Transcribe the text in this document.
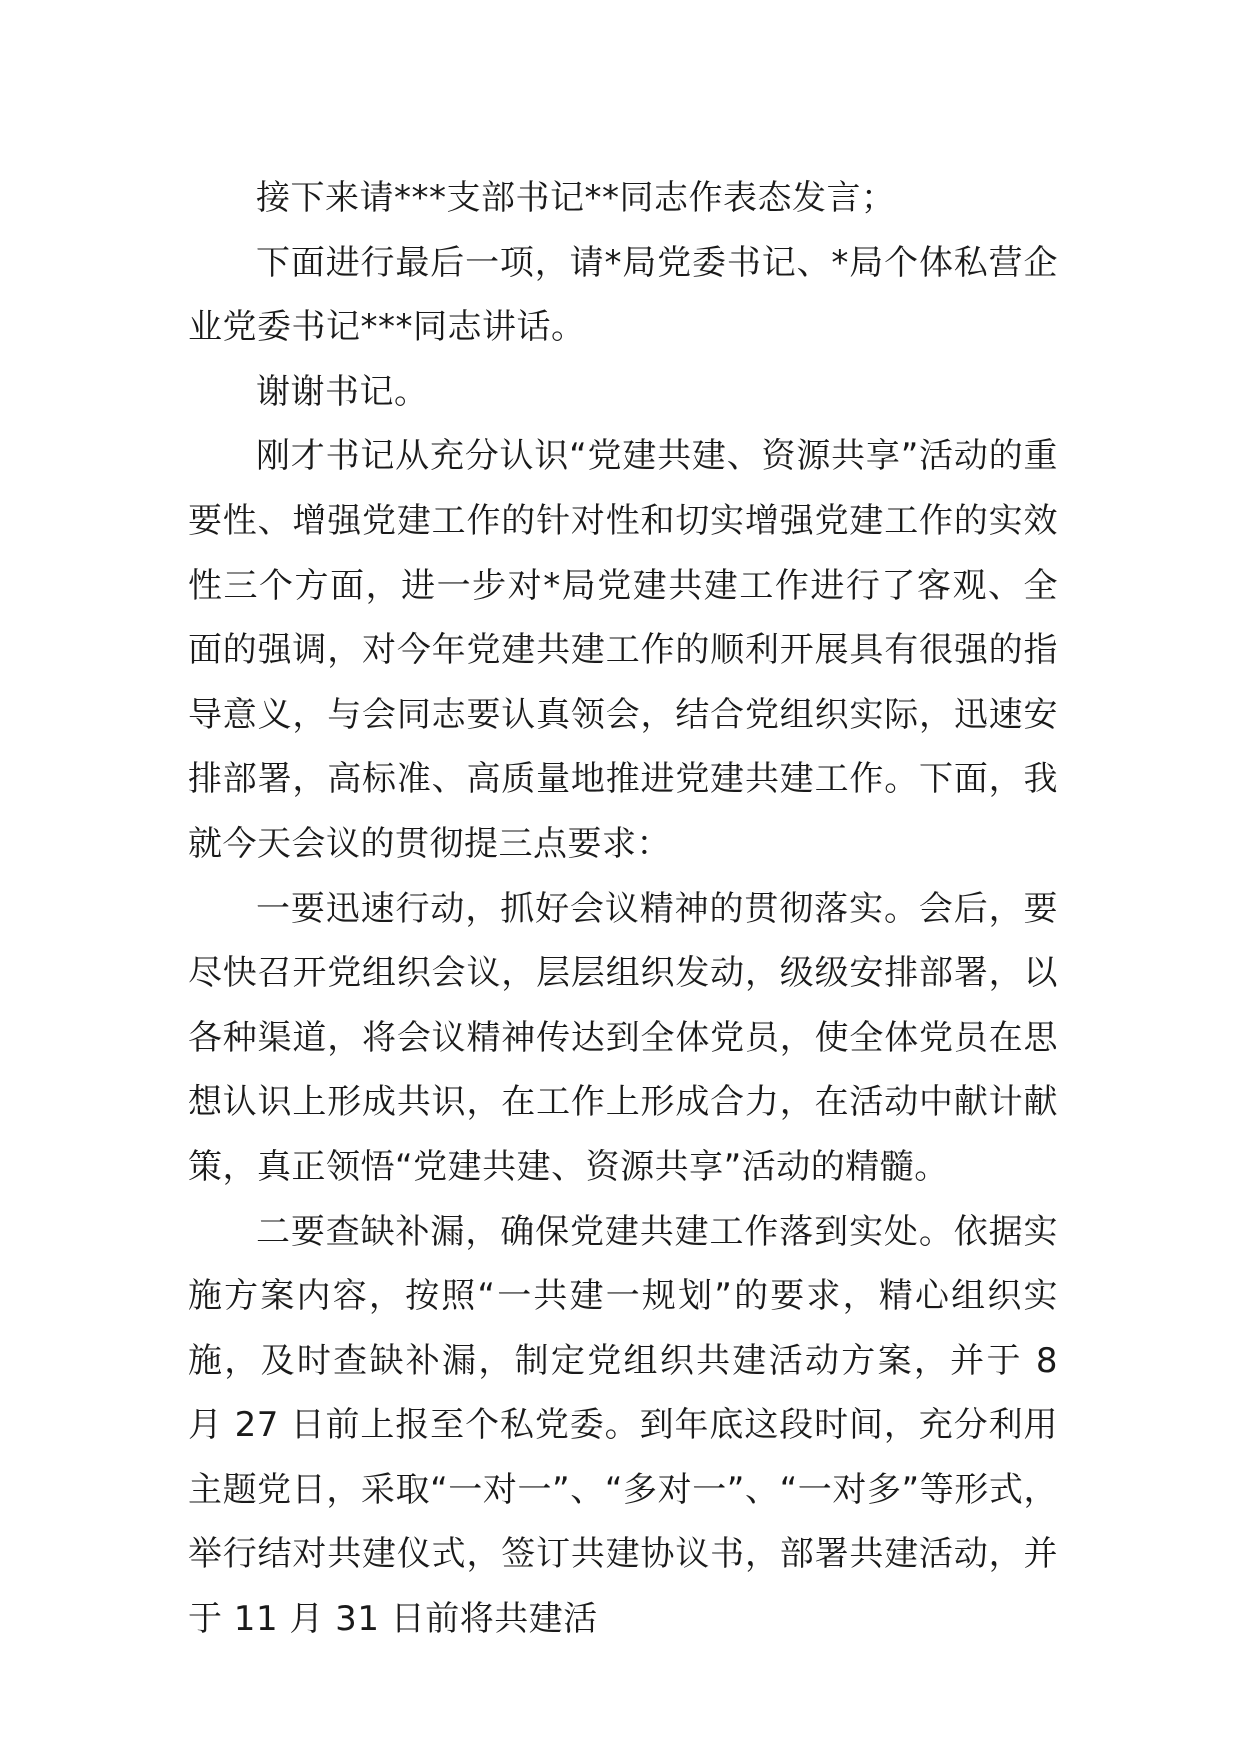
接下来请***支部书记**同志作表态发言；

下面进行最后一项，请*局党委书记、*局个体私营企业党委书记***同志讲话。

谢谢书记。

刚才书记从充分认识“党建共建、资源共享”活动的重要性、增强党建工作的针对性和切实增强党建工作的实效性三个方面，进一步对*局党建共建工作进行了客观、全面的强调，对今年党建共建工作的顺利开展具有很强的指导意义，与会同志要认真领会，结合党组织实际，迅速安排部署，高标准、高质量地推进党建共建工作。下面，我就今天会议的贯彻提三点要求：

一要迅速行动，抓好会议精神的贯彻落实。会后，要尽快召开党组织会议，层层组织发动，级级安排部署，以各种渠道，将会议精神传达到全体党员，使全体党员在思想认识上形成共识，在工作上形成合力，在活动中献计献策，真正领悟“党建共建、资源共享”活动的精髓。

二要查缺补漏，确保党建共建工作落到实处。依据实施方案内容，按照“一共建一规划”的要求，精心组织实施，及时查缺补漏，制定党组织共建活动方案，并于 8 月 27 日前上报至个私党委。到年底这段时间，充分利用主题党日，采取“一对一”、“多对一”、“一对多”等形式，举行结对共建仪式，签订共建协议书，部署共建活动，并于 11 月 31 日前将共建活
